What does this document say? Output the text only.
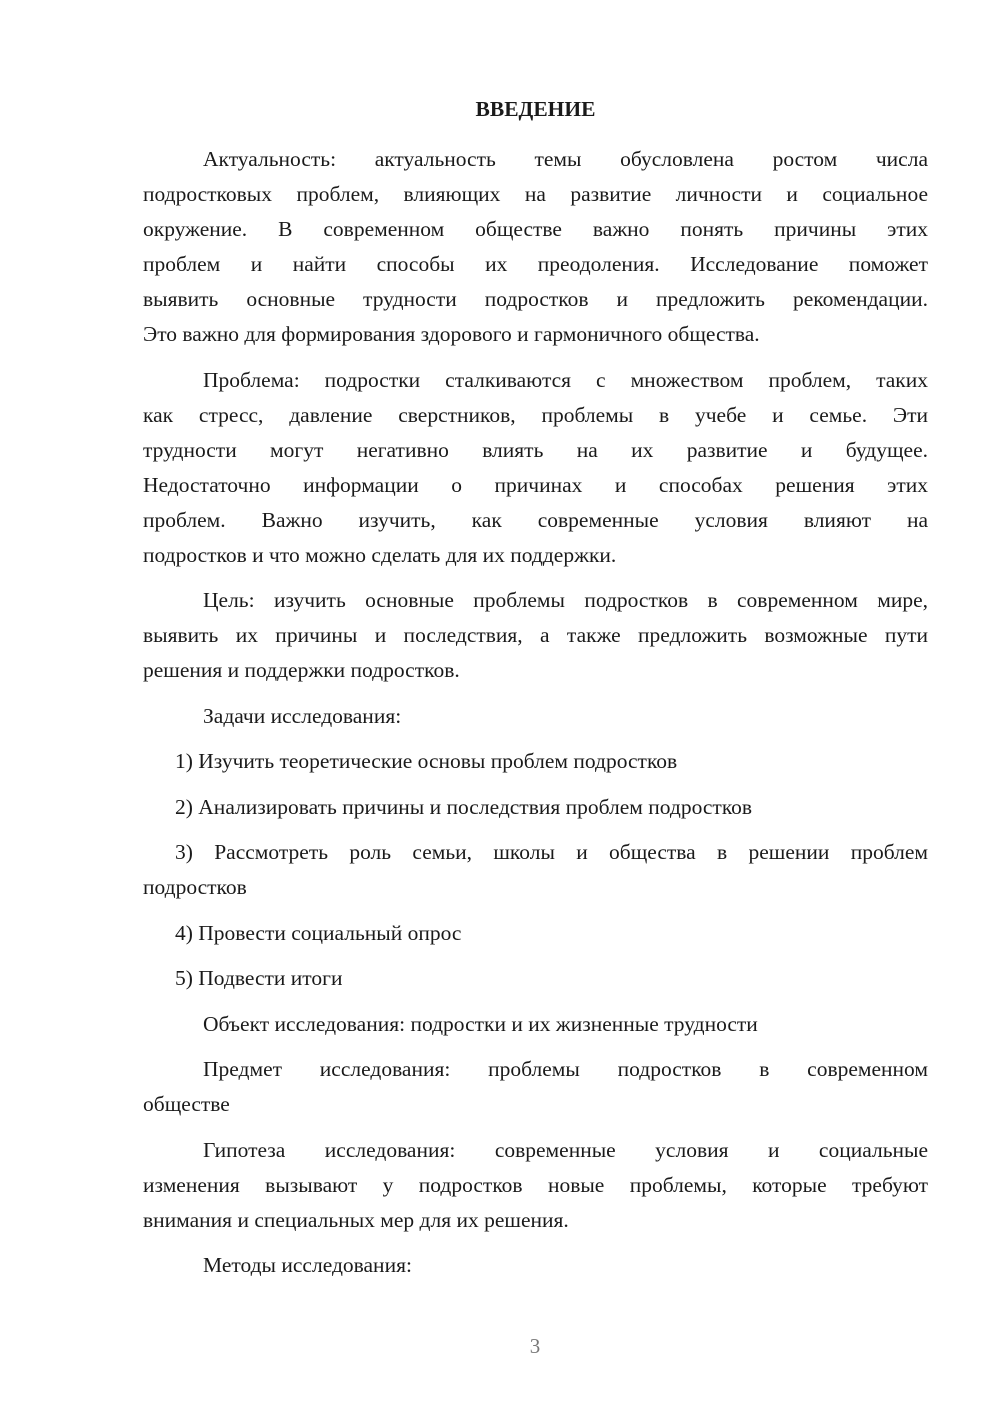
ВВЕДЕНИЕ
Актуальность: актуальность темы обусловлена ростом числа
подростковых проблем, влияющих на развитие личности и социальное
окружение. В современном обществе важно понять причины этих
проблем и найти способы их преодоления. Исследование поможет
выявить основные трудности подростков и предложить рекомендации.
Это важно для формирования здорового и гармоничного общества.
Проблема: подростки сталкиваются с множеством проблем, таких
как стресс, давление сверстников, проблемы в учебе и семье. Эти
трудности могут негативно влиять на их развитие и будущее.
Недостаточно информации о причинах и способах решения этих
проблем. Важно изучить, как современные условия влияют на
подростков и что можно сделать для их поддержки.
Цель: изучить основные проблемы подростков в современном мире,
выявить их причины и последствия, а также предложить возможные пути
решения и поддержки подростков.
Задачи исследования:
1) Изучить теоретические основы проблем подростков
2) Анализировать причины и последствия проблем подростков
3) Рассмотреть роль семьи, школы и общества в решении проблем
подростков
4) Провести социальный опрос
5) Подвести итоги
Объект исследования: подростки и их жизненные трудности
Предмет исследования: проблемы подростков в современном
обществе
Гипотеза исследования: современные условия и социальные
изменения вызывают у подростков новые проблемы, которые требуют
внимания и специальных мер для их решения.
Методы исследования:
3
